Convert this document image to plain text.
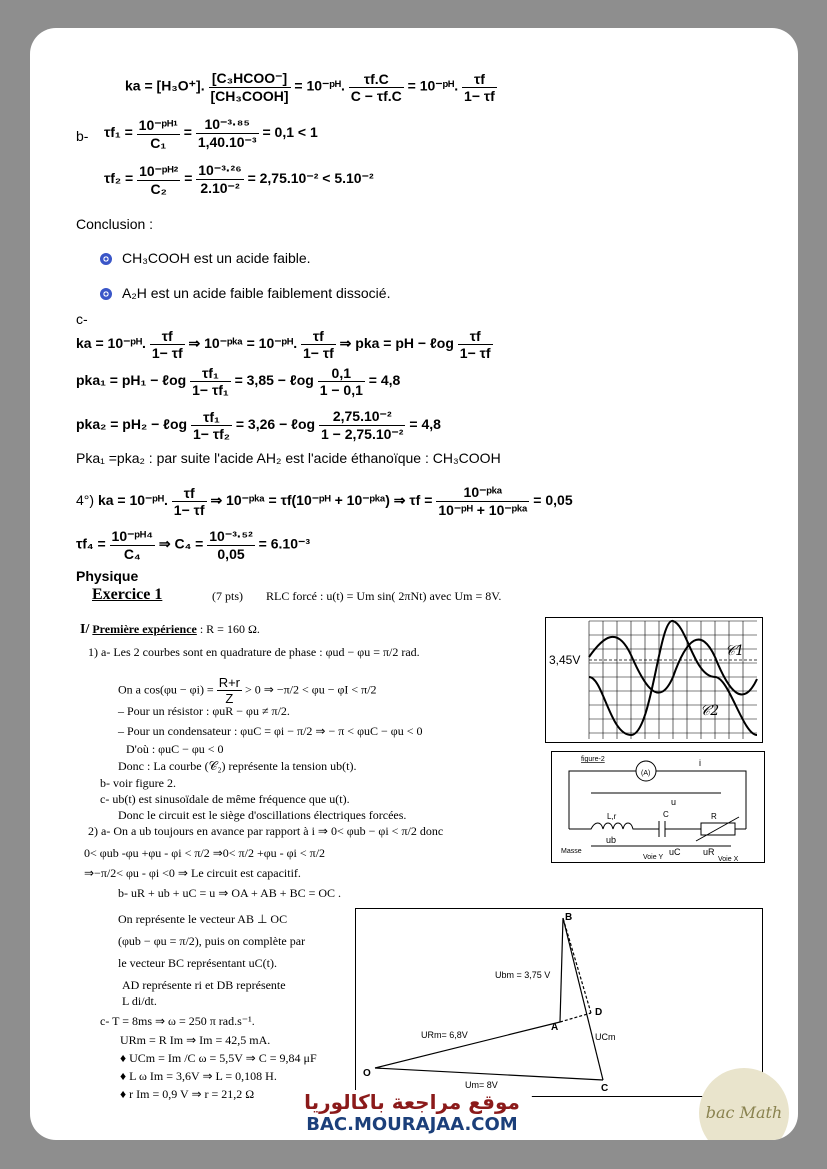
ka = [H₃O⁺]. $\frac{\text{[C₃HCOO⁻]}}{\text{[CH₃COOH]}}$ = 10⁻ᵖᴴ. $\frac{\tau f.C}{C - \tau f.C}$ = 10⁻ᵖᴴ. $\frac{\tau f}{1- \tau f}$
b- $\tau f_1 = \frac{\text{10⁻ᵖᴴ¹}}{\text{C₁}} = \frac{\text{10⁻³·⁸⁵}}{\text{1,40.10⁻³}} = 0,1 < 1$
$\tau f_2 = \frac{\text{10⁻ᵖᴴ²}}{\text{C₂}} = \frac{\text{10⁻³·²⁶}}{\text{2.10⁻²}} = 2,75.10^{-2} < 5.10^{-2}$
Conclusion :
CH₃COOH est un acide faible.
A₂H est un acide faible faiblement dissocié.
c-
ka = 10⁻ᵖᴴ. $\frac{\tau f}{1- \tau f}$ ⇒ 10⁻ᵖᵏᵃ = 10⁻ᵖᴴ. $\frac{\tau f}{1- \tau f}$ ⇒ pka = pH − ℓog $\frac{\tau f}{1- \tau f}$
pka₁ = pH₁ − ℓog $\frac{\text{τf₁}}{\text{1− τf₁}} = 3,85$ − ℓog $\frac{0,1}{1 - 0,1} = 4,8$
pka₂ = pH₂ − ℓog $\frac{\text{τf₁}}{\text{1− τf₂}} = 3,26$ − ℓog $\frac{\text{2,75.10⁻²}}{\text{1 − 2,75.10⁻²}} = 4,8$
Pka₁ =pka₂ : par suite l'acide AH₂ est l'acide éthanoïque : CH₃COOH
4°) ka = 10⁻ᵖᴴ. $\frac{\tau f}{1- \tau f}$ ⇒ 10⁻ᵖᵏᵃ = τf(10⁻ᵖᴴ + 10⁻ᵖᵏᵃ) ⇒ $\tau f = \frac{\text{10⁻ᵖᵏᵃ}}{\text{10⁻ᵖᴴ + 10⁻ᵖᵏᵃ}} = 0,05$
$\tau f_4 = \frac{\text{10⁻ᵖᴴ⁴}}{\text{C₄}}$ ⇒ $C_4 = \frac{\text{10⁻³·⁵²}}{0,05} = 6.10^{-3}$
Physique
Exercice 1	(7 pts) RLC forcé : u(t) = Um sin( 2πNt) avec Um = 8V.
I/ Première expérience : R = 160 Ω.
1) a- Les 2 courbes sont en quadrature de phase : φud − φu = π/2 rad.
On a $\cos(\varphi u - \varphi i) = \frac{R+r}{Z} > 0$ ⇒ −π/2 < φu − φI < π/2
– Pour un résistor : φuR − φu ≠ π/2.
– Pour un condensateur : φuC = φi − π/2 ⇒ − π < φuC − φu < 0
D'où : φuC − φu < 0
Donc : La courbe (𝒞₂) représente la tension ub(t).
b- voir figure 2.
c- ub(t) est sinusoïdale de même fréquence que u(t).
Donc le circuit est le siège d'oscillations électriques forcées.
2) a- On a ub toujours en avance par rapport à i ⇒ 0< φub − φi < π/2 donc
0< φub -φu +φu - φi < π/2 ⇒0< π/2 +φu - φi < π/2
⇒−π/2< φu - φi <0 ⇒ Le circuit est capacitif.
b- uR + ub + uC = u ⇒ OA + AB + BC = OC .
On représente le vecteur AB ⊥ OC
(φub − φu = π/2), puis on complète par
le vecteur BC représentant uC(t).
AD représente ri et DB représente
L di/dt.
c- T = 8ms ⇒ ω = 250 π rad.s⁻¹.
URm = R Im ⇒ Im = 42,5 mA.
♦ UCm = Im /C ω = 5,5V ⇒ C = 9,84 μF
♦ L ω Im = 3,6V ⇒ L = 0,108 H.
♦ r Im = 0,9 V ⇒ r = 21,2 Ω
3,45V
𝒞1
𝒞2
figure-2
(A)
i
u
L,r	C	R
Masse
ub
uC uR
Voie Y	Voie X
B
D
A
O
C
Ubm = 3,75 V
URm= 6,8V	UCm
Um= 8V
موقع مراجعة باكالوريا
BAC.MOURAJAA.COM
bac Math
